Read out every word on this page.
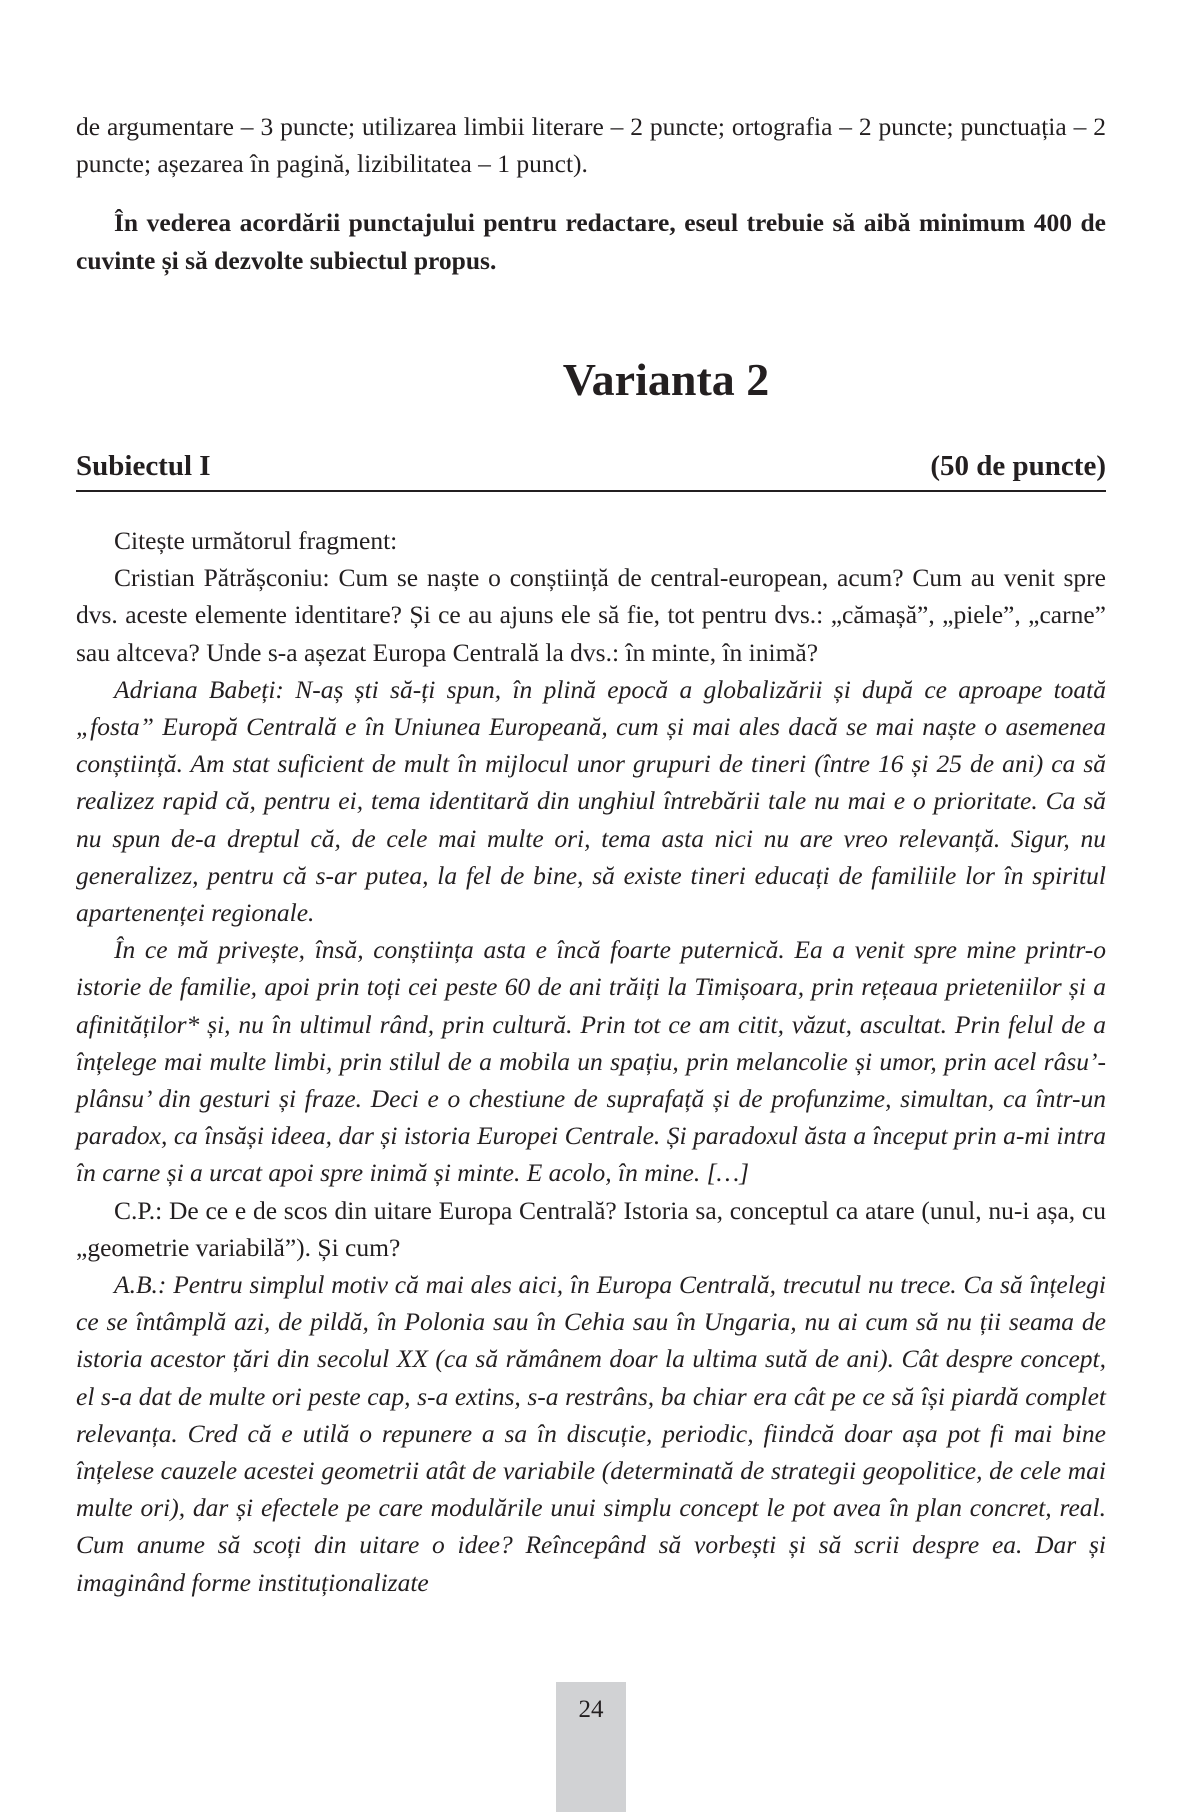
de argumentare – 3 puncte; utilizarea limbii literare – 2 puncte; ortografia – 2 puncte; punctuația – 2 puncte; așezarea în pagină, lizibilitatea – 1 punct).

În vederea acordării punctajului pentru redactare, eseul trebuie să aibă minimum 400 de cuvinte și să dezvolte subiectul propus.

Varianta 2
Subiectul I	(50 de puncte)

Citește următorul fragment:

Cristian Pătrășconiu: Cum se naște o conștiință de central-european, acum? Cum au venit spre dvs. aceste elemente identitare? Și ce au ajuns ele să fie, tot pentru dvs.: „cămașă”, „piele”, „carne” sau altceva? Unde s-a așezat Europa Centrală la dvs.: în minte, în inimă?

Adriana Babeți: N-aș ști să-ți spun, în plină epocă a globalizării și după ce aproape toată „fosta” Europă Centrală e în Uniunea Europeană, cum și mai ales dacă se mai naște o asemenea conștiință. Am stat suficient de mult în mijlocul unor grupuri de tineri (între 16 și 25 de ani) ca să realizez rapid că, pentru ei, tema identitară din unghiul întrebării tale nu mai e o prioritate. Ca să nu spun de-a dreptul că, de cele mai multe ori, tema asta nici nu are vreo relevanță. Sigur, nu generalizez, pentru că s-ar putea, la fel de bine, să existe tineri educați de familiile lor în spiritul apartenenței regionale.

În ce mă privește, însă, conștiința asta e încă foarte puternică. Ea a venit spre mine printr-o istorie de familie, apoi prin toți cei peste 60 de ani trăiți la Timișoara, prin rețeaua prieteniilor și a afinităților* și, nu în ultimul rând, prin cultură. Prin tot ce am citit, văzut, ascultat. Prin felul de a înțelege mai multe limbi, prin stilul de a mobila un spațiu, prin melancolie și umor, prin acel râsu’- plânsu’ din gesturi și fraze. Deci e o chestiune de suprafață și de profunzime, simultan, ca într-un paradox, ca însăși ideea, dar și istoria Europei Centrale. Și paradoxul ăsta a început prin a-mi intra în carne și a urcat apoi spre inimă și minte. E acolo, în mine. […]

C.P.: De ce e de scos din uitare Europa Centrală? Istoria sa, conceptul ca atare (unul, nu-i așa, cu „geometrie variabilă”). Și cum?

A.B.: Pentru simplul motiv că mai ales aici, în Europa Centrală, trecutul nu trece. Ca să înțelegi ce se întâmplă azi, de pildă, în Polonia sau în Cehia sau în Ungaria, nu ai cum să nu ții seama de istoria acestor țări din secolul XX (ca să rămânem doar la ultima sută de ani). Cât despre concept, el s-a dat de multe ori peste cap, s-a extins, s-a restrâns, ba chiar era cât pe ce să își piardă complet relevanța. Cred că e utilă o repunere a sa în discuție, periodic, fiindcă doar așa pot fi mai bine înțelese cauzele acestei geometrii atât de variabile (determinată de strategii geopolitice, de cele mai multe ori), dar și efectele pe care modulările unui simplu concept le pot avea în plan concret, real. Cum anume să scoți din uitare o idee? Reîncepând să vorbești și să scrii despre ea. Dar și imaginând forme instituționalizate

24
